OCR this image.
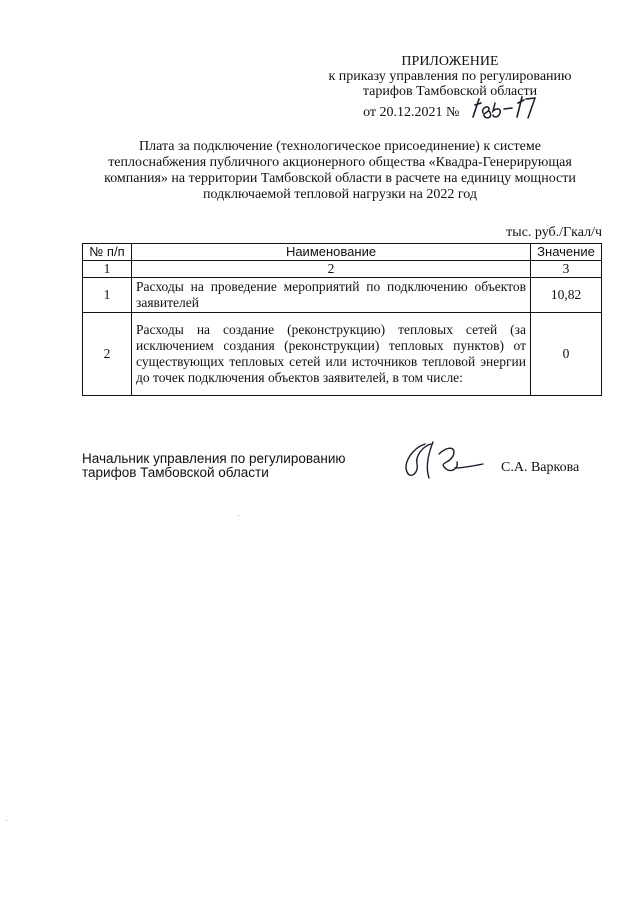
ПРИЛОЖЕНИЕ
к приказу управления по регулированию
тарифов Тамбовской области
от 20.12.2021 №
Плата за подключение (технологическое присоединение) к системе
теплоснабжения публичного акционерного общества «Квадра-Генерирующая
компания» на территории Тамбовской области в расчете на единицу мощности
подключаемой тепловой нагрузки на 2022 год
тыс. руб./Гкал/ч
№ п/п	Наименование	Значение
1	2	3
1	Расходы на проведение мероприятий по подключению объектов заявителей	10,82
2	Расходы на создание (реконструкцию) тепловых сетей (за исключением создания (реконструкции) тепловых пунктов) от существующих тепловых сетей или источников тепловой энергии до точек подключения объектов заявителей, в том числе:	0
Начальник управления по регулированию
тарифов Тамбовской области	С.А. Варкова
